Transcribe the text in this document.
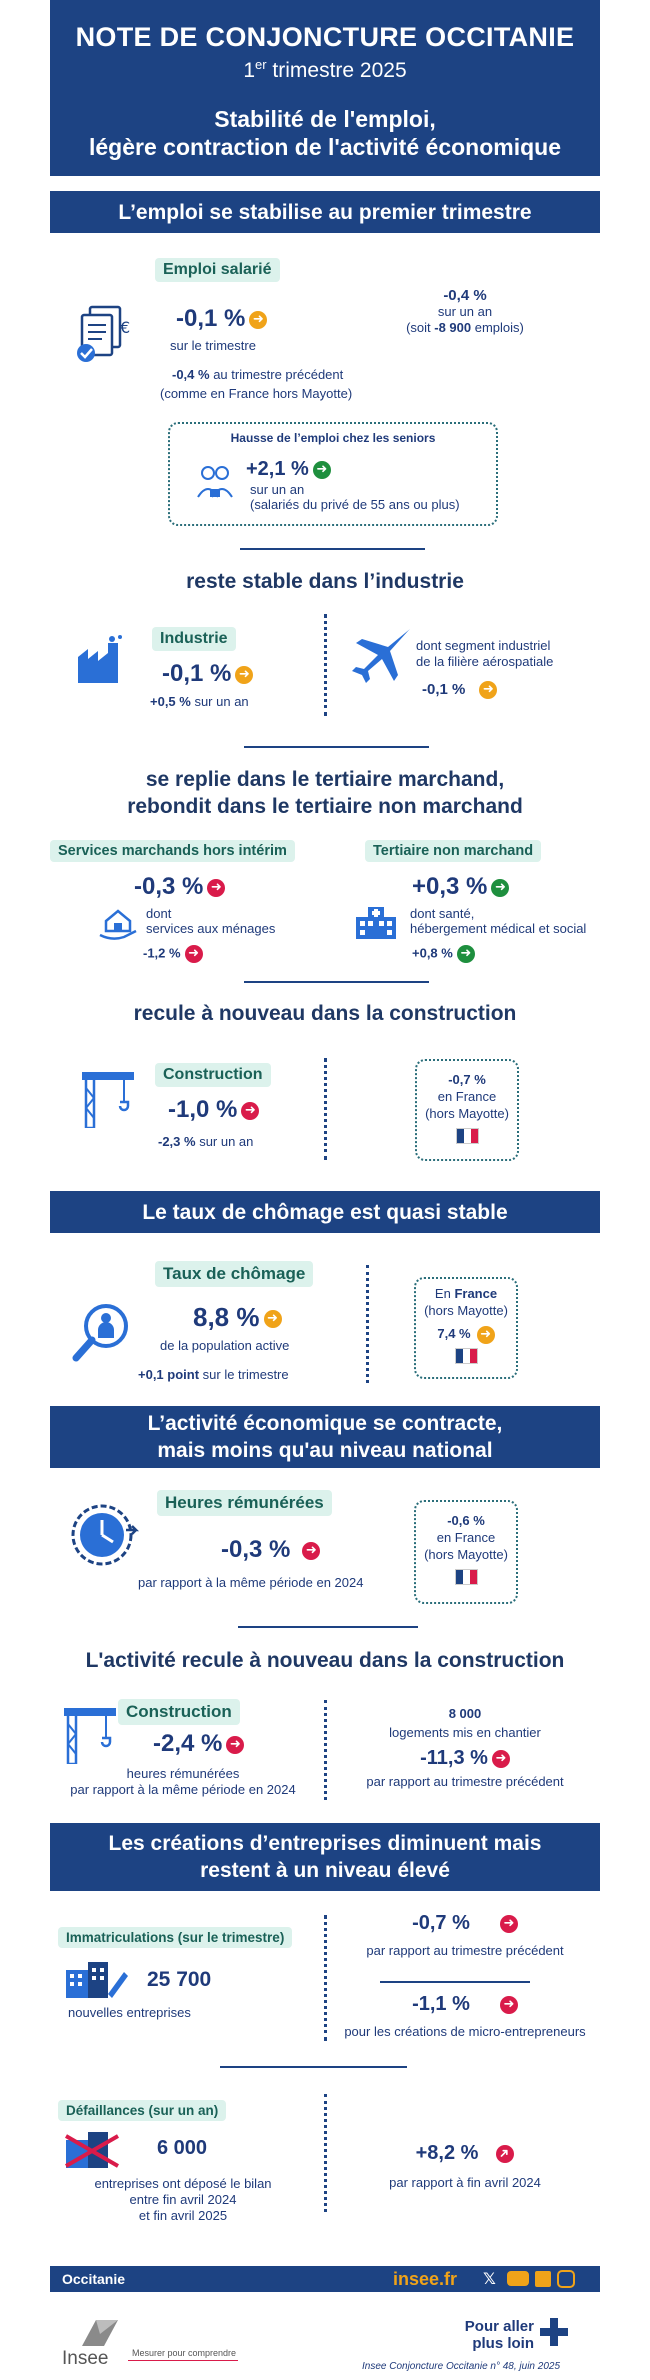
NOTE DE CONJONCTURE OCCITANIE
1er trimestre 2025
Stabilité de l'emploi,
légère contraction de l'activité économique
L’emploi se stabilise au premier trimestre
Emploi salarié
€ -0,1 % ➜
sur le trimestre
-0,4 % au trimestre précédent
(comme en France hors Mayotte)
-0,4 %
sur un an
(soit -8 900 emplois)
Hausse de l’emploi chez les seniors
+2,1 % ➜
sur un an
(salariés du privé de 55 ans ou plus)
reste stable dans l’industrie
Industrie
-0,1 % ➜
+0,5 % sur un an
dont segment industriel
de la filière aérospatiale
-0,1 % ➜
se replie dans le tertiaire marchand,
rebondit dans le tertiaire non marchand
Services marchands hors intérim
-0,3 % ➜
dont
services aux ménages
-1,2 % ➜
Tertiaire non marchand
+0,3 % ➜
dont santé,
hébergement médical et social
+0,8 % ➜
recule à nouveau dans la construction
Construction
-1,0 % ➜
-2,3 % sur un an
-0,7 %
en France
(hors Mayotte)
Le taux de chômage est quasi stable
Taux de chômage
8,8 % ➜
de la population active
+0,1 point sur le trimestre
En France
(hors Mayotte)
7,4 % ➜
L’activité économique se contracte,
mais moins qu'au niveau national
Heures rémunérées
-0,3 % ➜
par rapport à la même période en 2024
-0,6 %
en France
(hors Mayotte)
L'activité recule à nouveau dans la construction
Construction
-2,4 % ➜
heures rémunérées
par rapport à la même période en 2024
8 000
logements mis en chantier
-11,3 % ➜
par rapport au trimestre précédent
Les créations d’entreprises diminuent mais
restent à un niveau élevé
Immatriculations (sur le trimestre)
25 700
nouvelles entreprises
-0,7 %	➜
par rapport au trimestre précédent
-1,1 %	➜
pour les créations de micro-entrepreneurs
Défaillances (sur un an)
6 000
entreprises ont déposé le bilan
entre fin avril 2024
et fin avril 2025
+8,2 % ➜
par rapport à fin avril 2024
Occitanie	insee.fr 𝕏
Insee	Mesurer pour comprendre
Pour aller
plus loin
Insee Conjoncture Occitanie n° 48, juin 2025
